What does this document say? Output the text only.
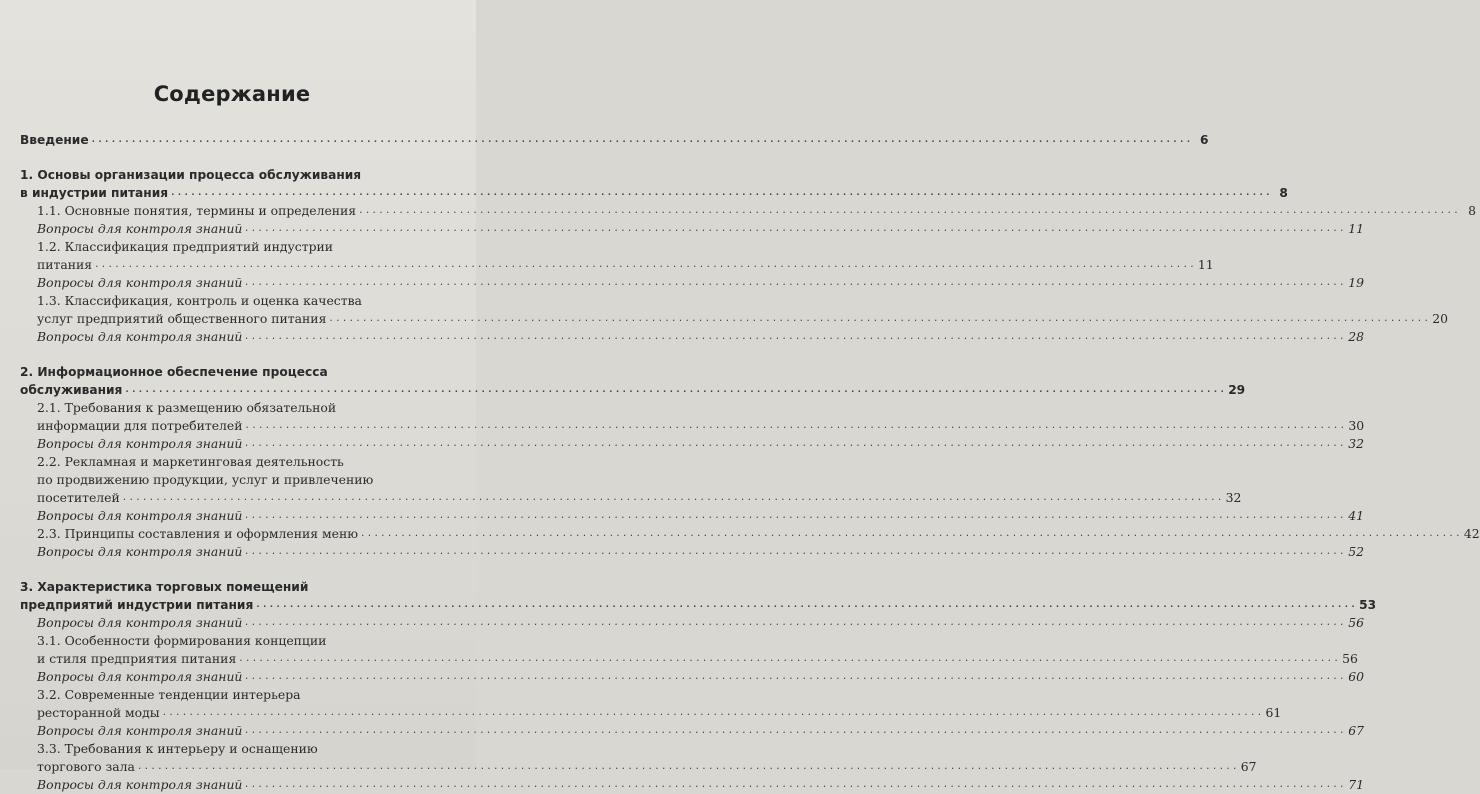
Содержание
Введение .....	6
1. Основы организации процесса обслуживания
в индустрии питания .....	8
1.1. Основные понятия, термины и определения .....	8
Вопросы для контроля знаний .....	11
1.2. Классификация предприятий индустрии
питания .....	11
Вопросы для контроля знаний .....	19
1.3. Классификация, контроль и оценка качества
услуг предприятий общественного питания .....	20
Вопросы для контроля знаний .....	28
2. Информационное обеспечение процесса
обслуживания .....	29
2.1. Требования к размещению обязательной
информации для потребителей .....	30
Вопросы для контроля знаний .....	32
2.2. Рекламная и маркетинговая деятельность
по продвижению продукции, услуг и привлечению
посетителей .....	32
Вопросы для контроля знаний .....	41
2.3. Принципы составления и оформления меню .....	42
Вопросы для контроля знаний .....	52
3. Характеристика торговых помещений
предприятий индустрии питания .....	53
Вопросы для контроля знаний .....	56
3.1. Особенности формирования концепции
и стиля предприятия питания .....	56
Вопросы для контроля знаний .....	60
3.2. Современные тенденции интерьера
ресторанной моды .....	61
Вопросы для контроля знаний .....	67
3.3. Требования к интерьеру и оснащению
торгового зала .....	67
Вопросы для контроля знаний .....	71
